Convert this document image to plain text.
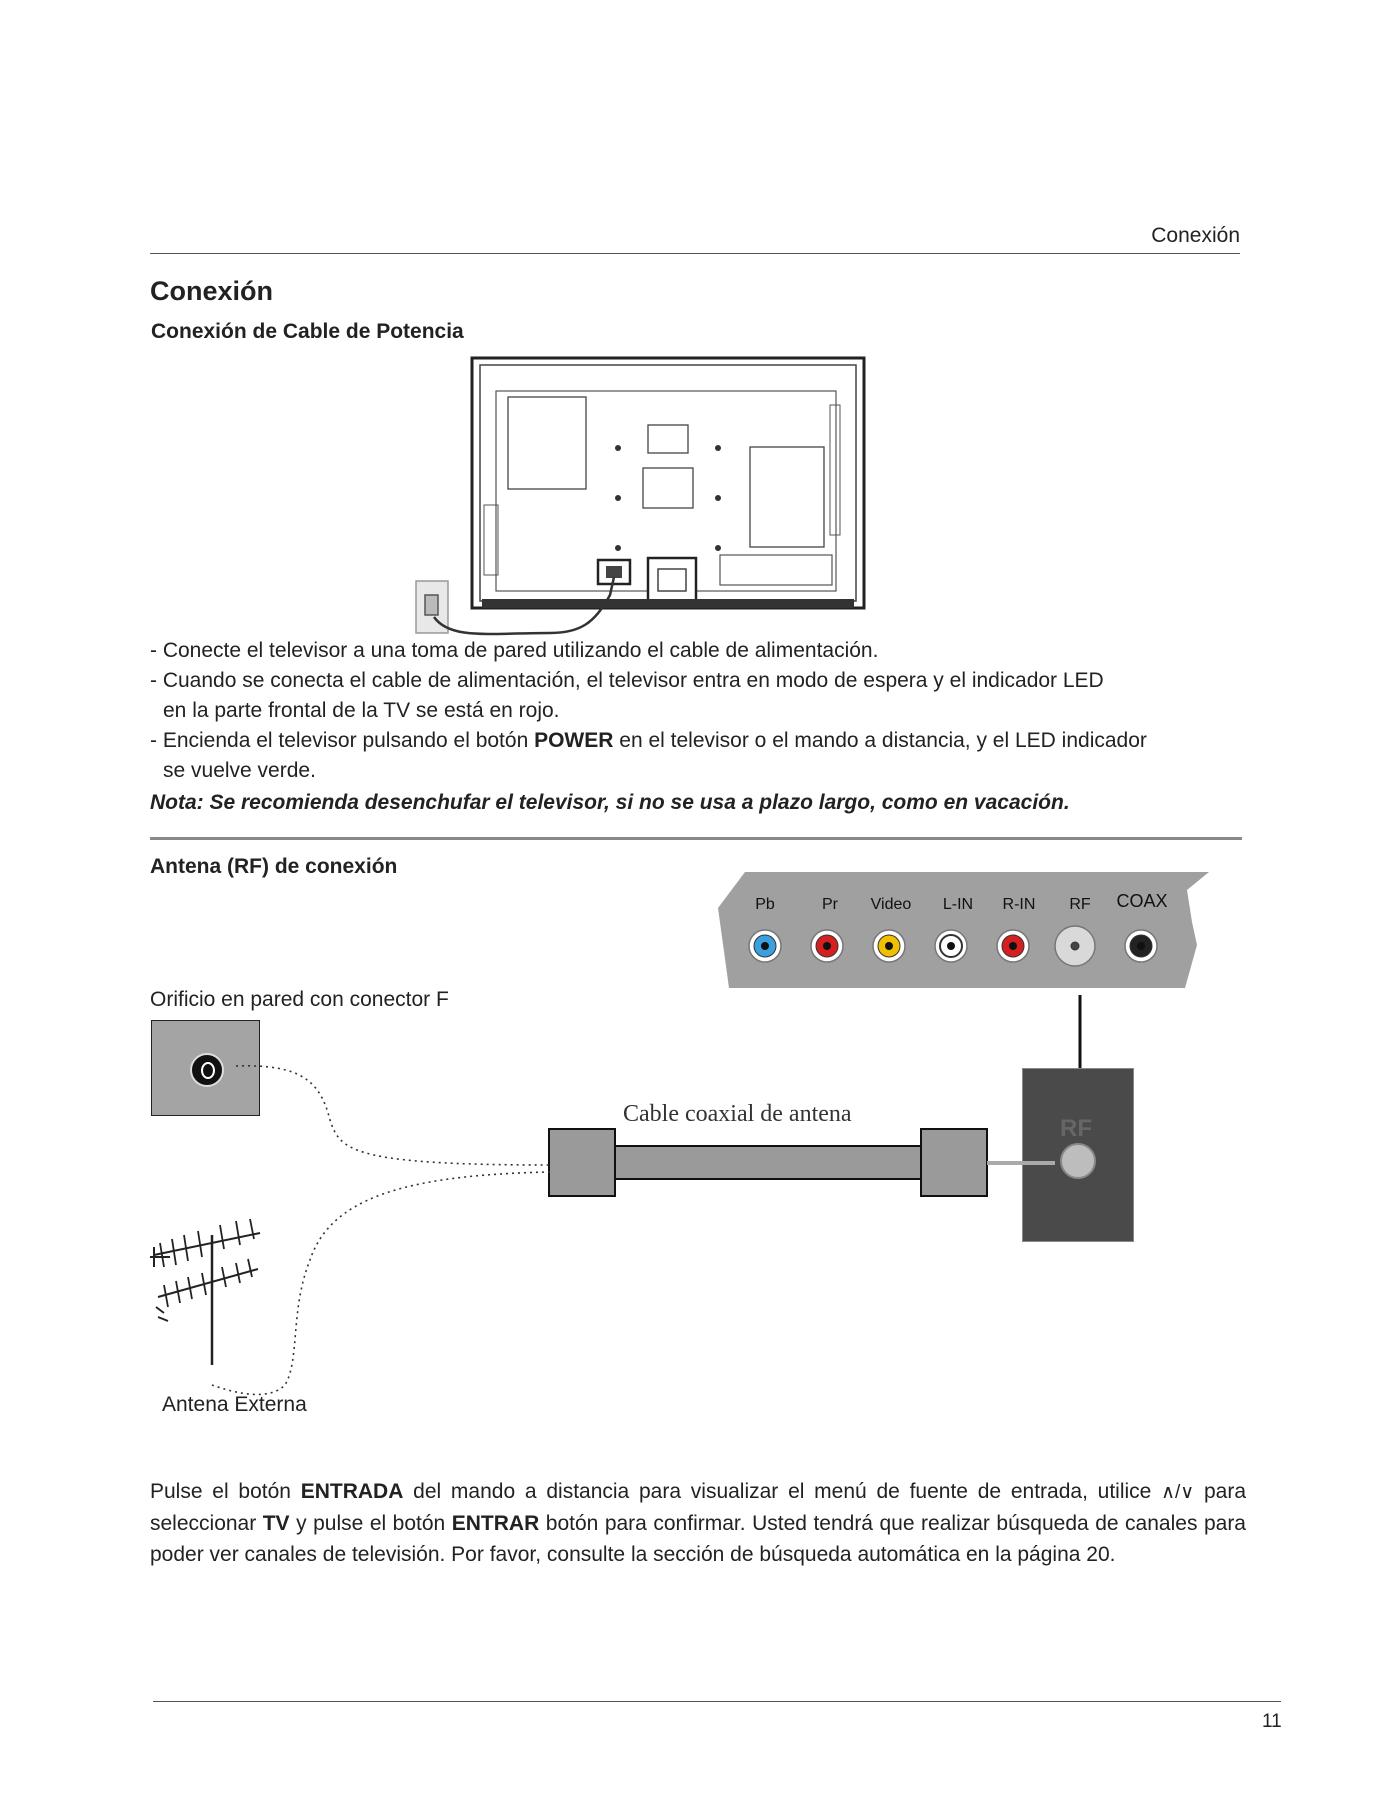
Conexión
Conexión
Conexión de Cable de Potencia
- Conecte el televisor a una toma de pared utilizando el cable de alimentación.
- Cuando se conecta el cable de alimentación, el televisor entra en modo de espera y el indicador LED
en la parte frontal de la TV se está en rojo.
- Encienda el televisor pulsando el botón POWER en el televisor o el mando a distancia, y el LED indicador
se vuelve verde.
Nota: Se recomienda desenchufar el televisor, si no se usa a plazo largo, como en vacación.
Antena (RF) de conexión
Orificio en pared con conector F
Pb	Pr Video L-IN R-IN RF COAX
RF
Cable coaxial de antena
Antena Externa
Pulse el botón ENTRADA del mando a distancia para visualizar el menú de fuente de entrada, utilice ∧/∨ para seleccionar TV y pulse el botón ENTRAR botón para confirmar. Usted tendrá que realizar búsqueda de canales para poder ver canales de televisión. Por favor, consulte la sección de búsqueda automática en la página 20.
11
